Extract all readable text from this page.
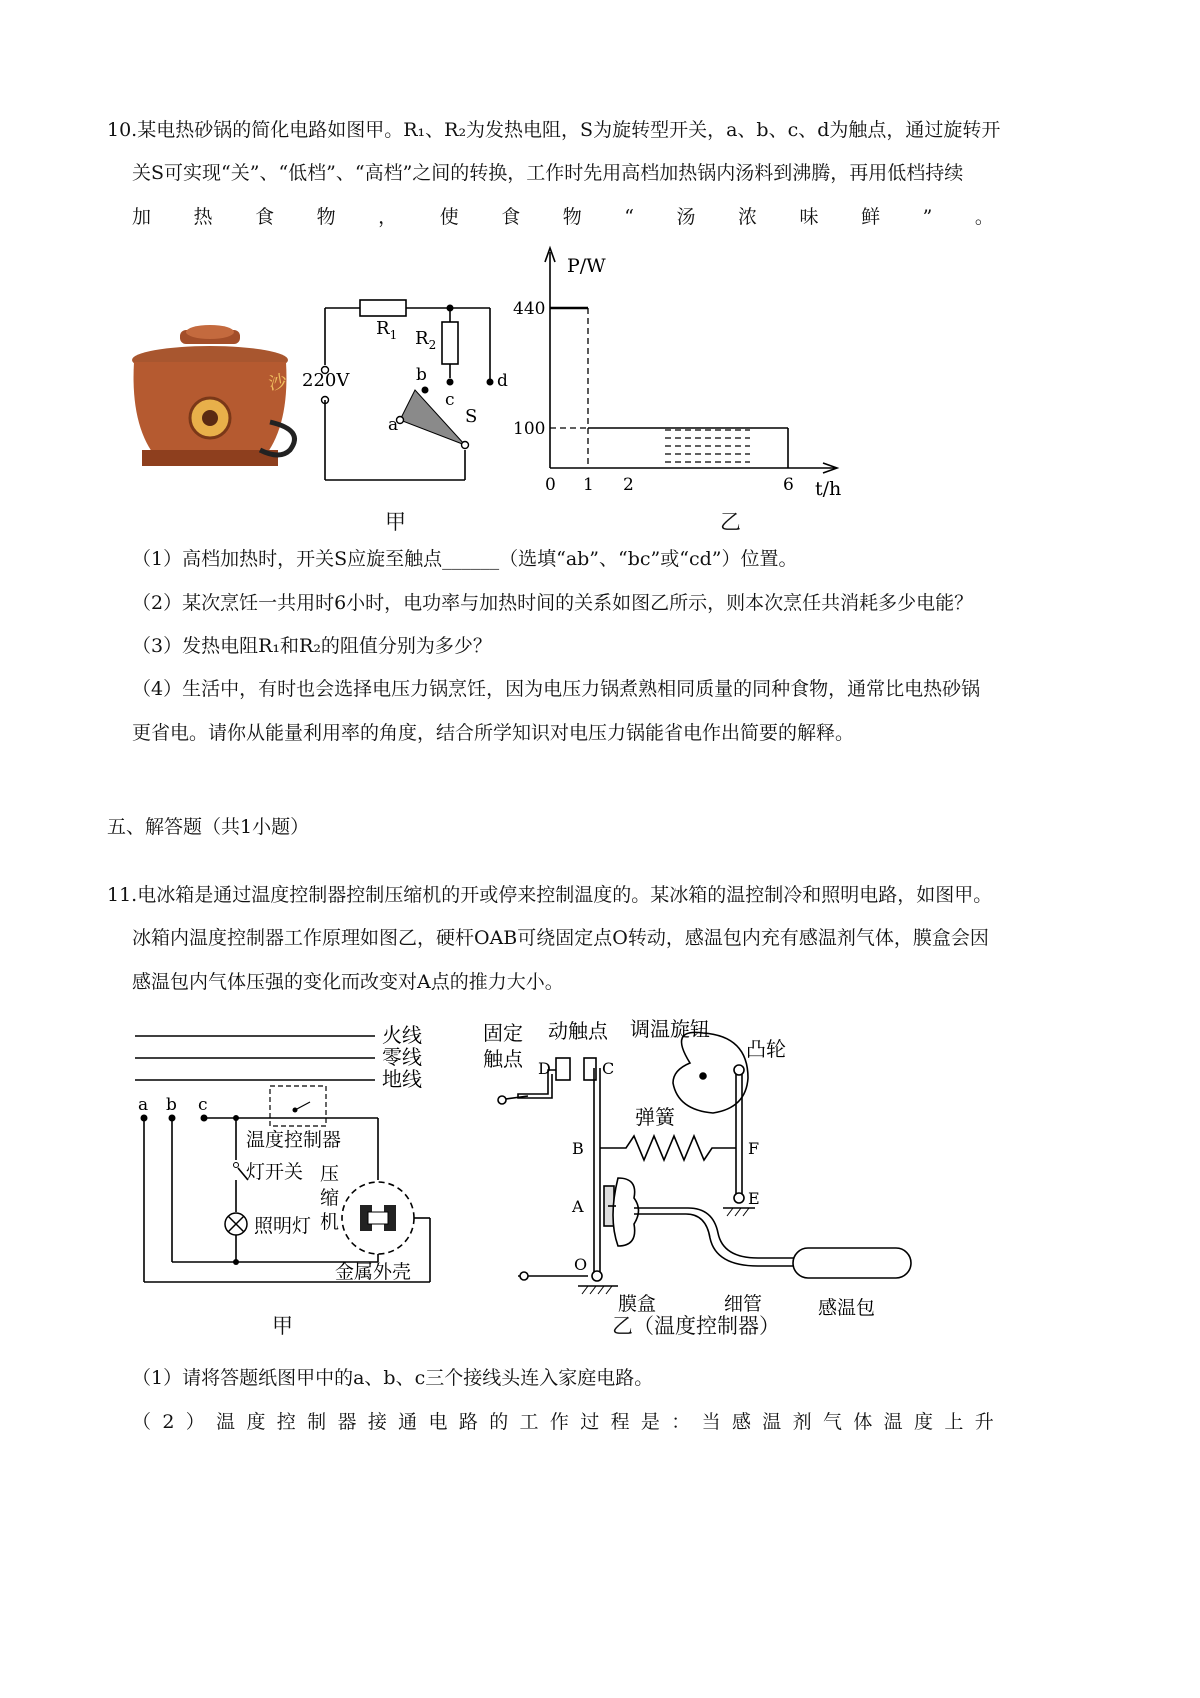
10.某电热砂锅的简化电路如图甲。R₁、R₂为发热电阻，S为旋转型开关，a、b、c、d为触点，通过旋转开
关S可实现“关”、“低档”、“高档”之间的转换，工作时先用高档加热锅内汤料到沸腾，再用低档持续
加 热 食 物 ， 使 食 物 “ 汤 浓 味 鲜 ” 。
沙 220V
$R_1$ $R_2$
a
b
c
d
S
甲
P/W
t/h
440
100
0 1 2	6
乙
（1）高档加热时，开关S应旋至触点______（选填“ab”、“bc”或“cd”）位置。
（2）某次烹饪一共用时6小时，电功率与加热时间的关系如图乙所示，则本次烹任共消耗多少电能？
（3）发热电阻R₁和R₂的阻值分别为多少？
（4）生活中，有时也会选择电压力锅烹饪，因为电压力锅煮熟相同质量的同种食物，通常比电热砂锅
更省电。请你从能量利用率的角度，结合所学知识对电压力锅能省电作出简要的解释。
五、解答题（共1小题）
11.电冰箱是通过温度控制器控制压缩机的开或停来控制温度的。某冰箱的温控制冷和照明电路，如图甲。
冰箱内温度控制器工作原理如图乙，硬杆OAB可绕固定点O转动，感温包内充有感温剂气体，膜盒会因
感温包内气体压强的变化而改变对A点的推力大小。
火线
零线
地线
a b c
温度控制器
灯开关
照明灯
压
缩
机
金属外壳
甲
固定
触点
动触点 调温旋钮
凸轮
弹簧
膜盒	细管	感温包
D	C
B
A
O
F
E
乙（温度控制器）
（1）请将答题纸图甲中的a、b、c三个接线头连入家庭电路。
（ 2 ） 温 度 控 制 器 接 通 电 路 的 工 作 过 程 是 ： 当 感 温 剂 气 体 温 度 上 升
